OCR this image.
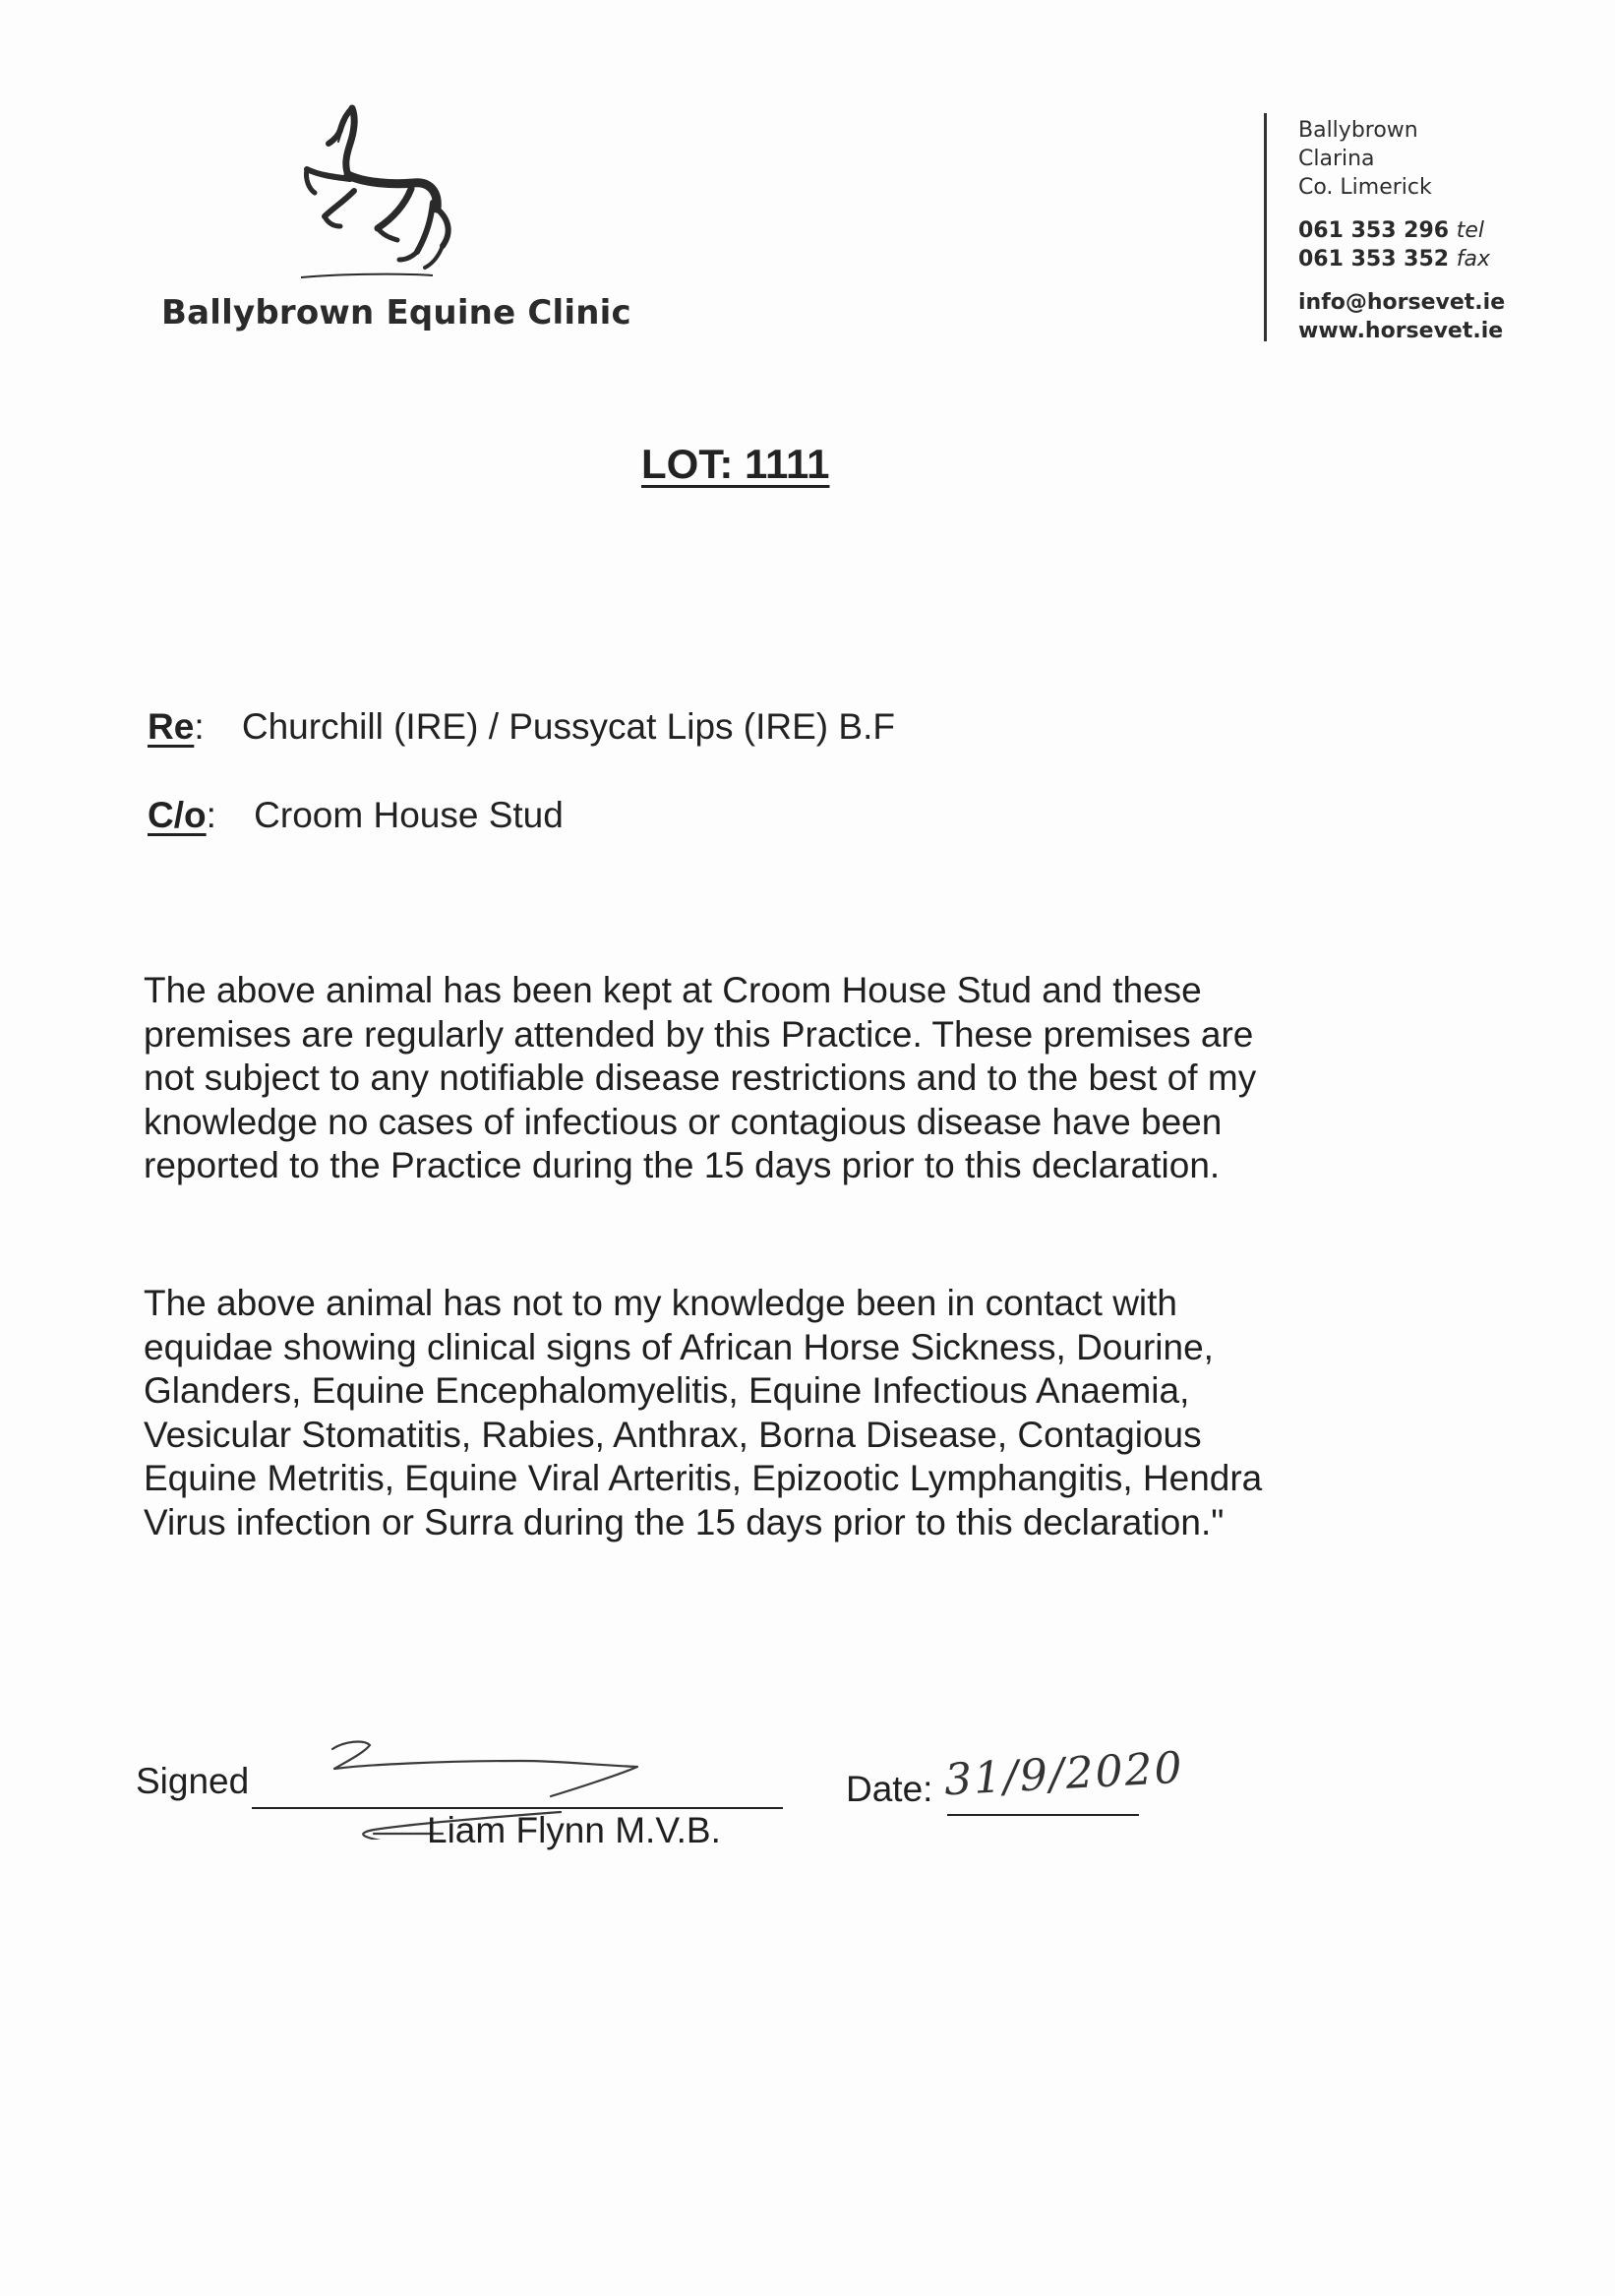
Ballybrown Equine Clinic
Ballybrown
Clarina
Co. Limerick
061 353 296 tel
061 353 352 fax
info@horsevet.ie
www.horsevet.ie
LOT: 1111
Re: Churchill (IRE) / Pussycat Lips (IRE) B.F
C/o: Croom House Stud
The above animal has been kept at Croom House Stud and these premises are regularly attended by this Practice. These premises are not subject to any notifiable disease restrictions and to the best of my knowledge no cases of infectious or contagious disease have been reported to the Practice during the 15 days prior to this declaration.
The above animal has not to my knowledge been in contact with equidae showing clinical signs of African Horse Sickness, Dourine, Glanders, Equine Encephalomyelitis, Equine Infectious Anaemia, Vesicular Stomatitis, Rabies, Anthrax, Borna Disease, Contagious Equine Metritis, Equine Viral Arteritis, Epizootic Lymphangitis, Hendra Virus infection or Surra during the 15 days prior to this declaration."
Signed
Liam Flynn M.V.B.
Date: 31/9/2020
